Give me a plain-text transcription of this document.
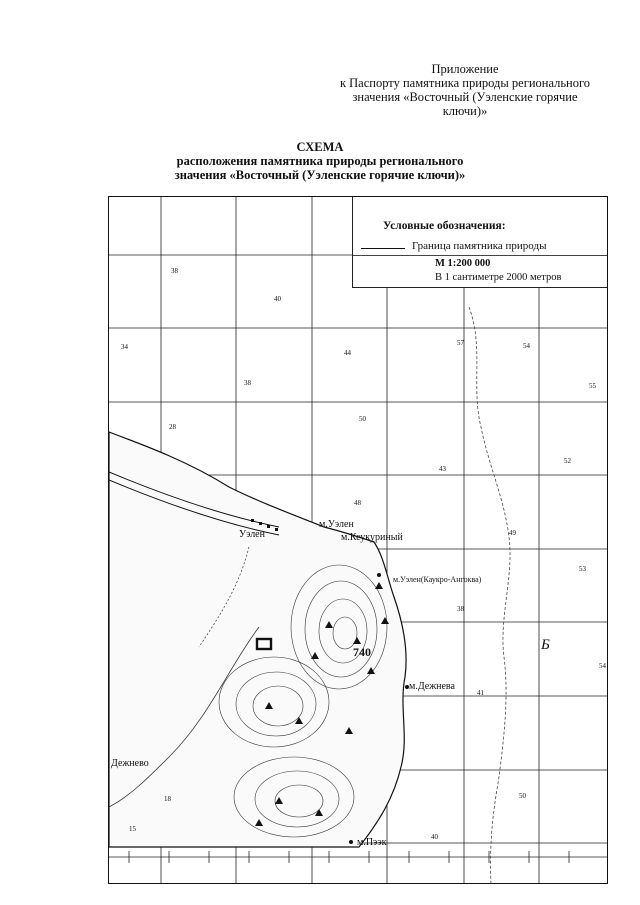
Приложение
к Паспорту памятника природы регионального
значения «Восточный (Уэленские горячие
ключи)»
СХЕМА
расположения памятника природы регионального
значения «Восточный (Уэленские горячие ключи)»
м.Уэлен
Уэлен	м.Кеукуриный
м.Уэлен(Каукро-Ангоква)
м.Дежнева
м.Пээк
Дежнево
740	Б
38
40
34
44
57	54
55
38
50
52
28
43
48
49
53
38
54
41
50
18
15
40
Условные обозначения:
Граница памятника природы
М 1:200 000
В 1 сантиметре 2000 метров
